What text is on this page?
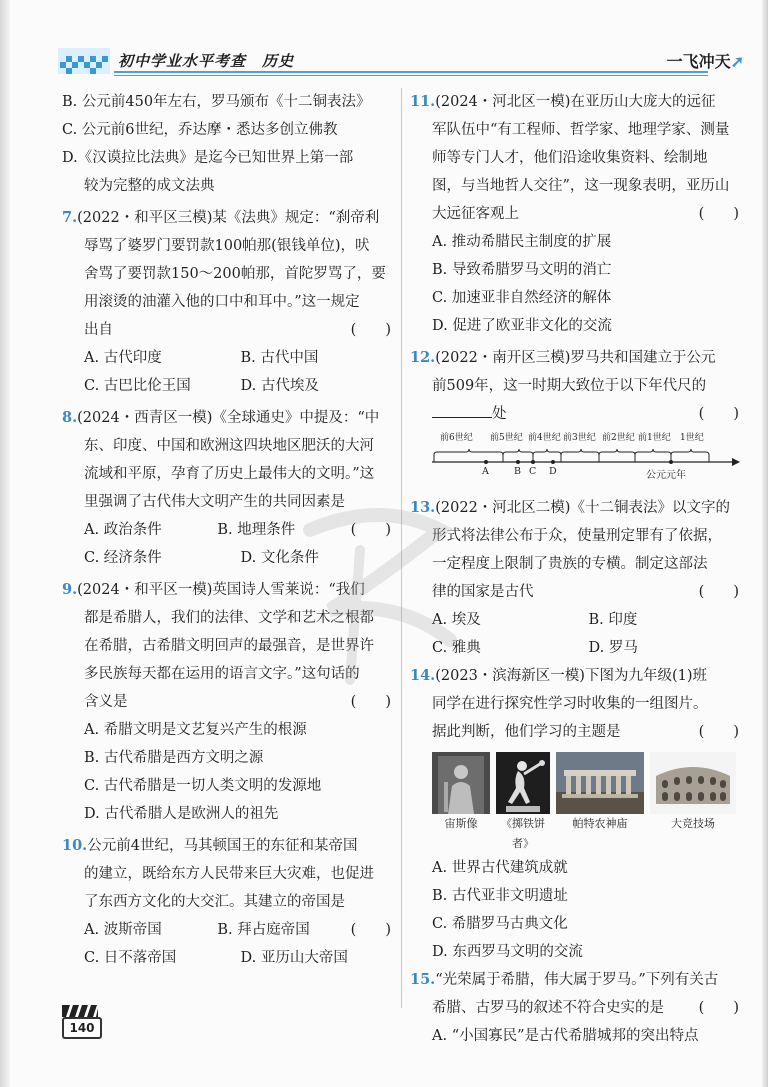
初中学业水平考查　历史	一飞冲天➚
B. 公元前450年左右，罗马颁布《十二铜表法》
C. 公元前6世纪，乔达摩・悉达多创立佛教
D.《汉谟拉比法典》是迄今已知世界上第一部
较为完整的成文法典
7.(2022・和平区三模)某《法典》规定：“刹帝利
辱骂了婆罗门要罚款100帕那(银钱单位)，吠
舍骂了要罚款150～200帕那，首陀罗骂了，要
用滚烫的油灌入他的口中和耳中。”这一规定
出自	(　　)
A. 古代印度	B. 古代中国
C. 古巴比伦王国	D. 古代埃及
8.(2024・西青区一模)《全球通史》中提及：“中
东、印度、中国和欧洲这四块地区肥沃的大河
流域和平原，孕育了历史上最伟大的文明。”这
里强调了古代伟大文明产生的共同因素是
(　　)
A. 政治条件	B. 地理条件
C. 经济条件	D. 文化条件
9.(2024・和平区一模)英国诗人雪莱说：“我们
都是希腊人，我们的法律、文学和艺术之根都
在希腊，古希腊文明回声的最强音，是世界许
多民族每天都在运用的语言文字。”这句话的
含义是	(　　)
A. 希腊文明是文艺复兴产生的根源
B. 古代希腊是西方文明之源
C. 古代希腊是一切人类文明的发源地
D. 古代希腊人是欧洲人的祖先
10.公元前4世纪，马其顿国王的东征和某帝国
的建立，既给东方人民带来巨大灾难，也促进
了东西方文化的大交汇。其建立的帝国是
(　　)
A. 波斯帝国	B. 拜占庭帝国
C. 日不落帝国	D. 亚历山大帝国
11.(2024・河北区一模)在亚历山大庞大的远征
军队伍中“有工程师、哲学家、地理学家、测量
师等专门人才，他们沿途收集资料、绘制地
图，与当地哲人交往”，这一现象表明，亚历山
大远征客观上	(　　)
A. 推动希腊民主制度的扩展
B. 导致希腊罗马文明的消亡
C. 加速亚非自然经济的解体
D. 促进了欧亚非文化的交流
12.(2022・南开区三模)罗马共和国建立于公元
前509年，这一时期大致位于以下年代尺的
处	(　　)
前6世纪 前5世纪 前4世纪 前3世纪 前2世纪 前1世纪 1世纪
A	B C D	公元元年
13.(2022・河北区二模)《十二铜表法》以文字的
形式将法律公布于众，使量刑定罪有了依据，
一定程度上限制了贵族的专横。制定这部法
律的国家是古代	(　　)
A. 埃及	B. 印度
C. 雅典	D. 罗马
14.(2023・滨海新区一模)下图为九年级(1)班
同学在进行探究性学习时收集的一组图片。
据此判断，他们学习的主题是	(　　)
宙斯像	《掷铁饼者》
帕特农神庙	大竞技场
A. 世界古代建筑成就
B. 古代亚非文明遗址
C. 希腊罗马古典文化
D. 东西罗马文明的交流
15.“光荣属于希腊，伟大属于罗马。”下列有关古
希腊、古罗马的叙述不符合史实的是 (　　)
A. “小国寡民”是古代希腊城邦的突出特点
140
